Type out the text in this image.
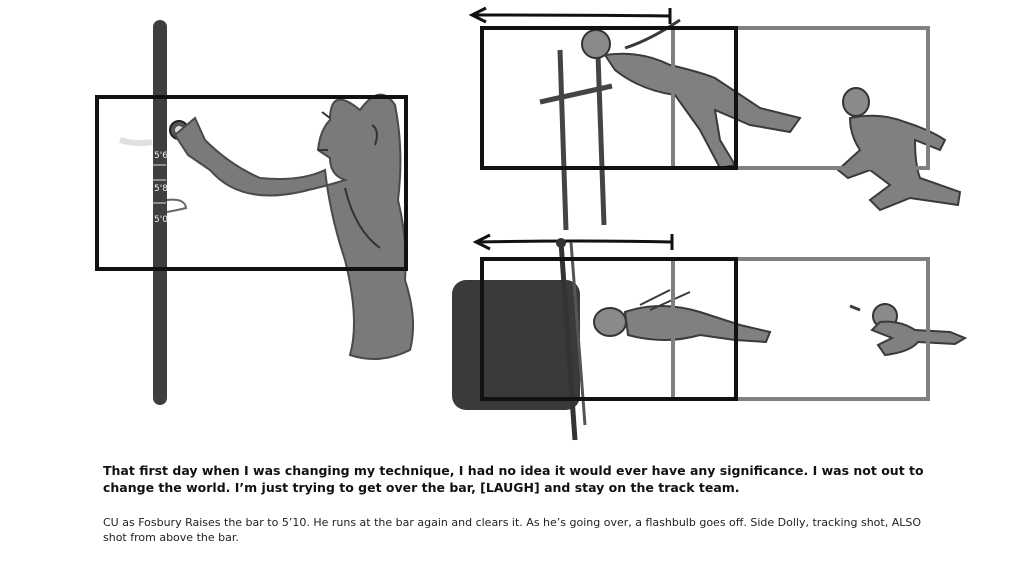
5'6
5'8
5'0
That first day when I was changing my technique, I had no idea it would ever have any significance. I was not out to change the world. I’m just trying to get over the bar, [LAUGH] and stay on the track team.
CU as Fosbury Raises the bar to 5’10. He runs at the bar again and clears it. As he’s going over, a flashbulb goes off. Side Dolly, tracking shot, ALSO shot from above the bar.
